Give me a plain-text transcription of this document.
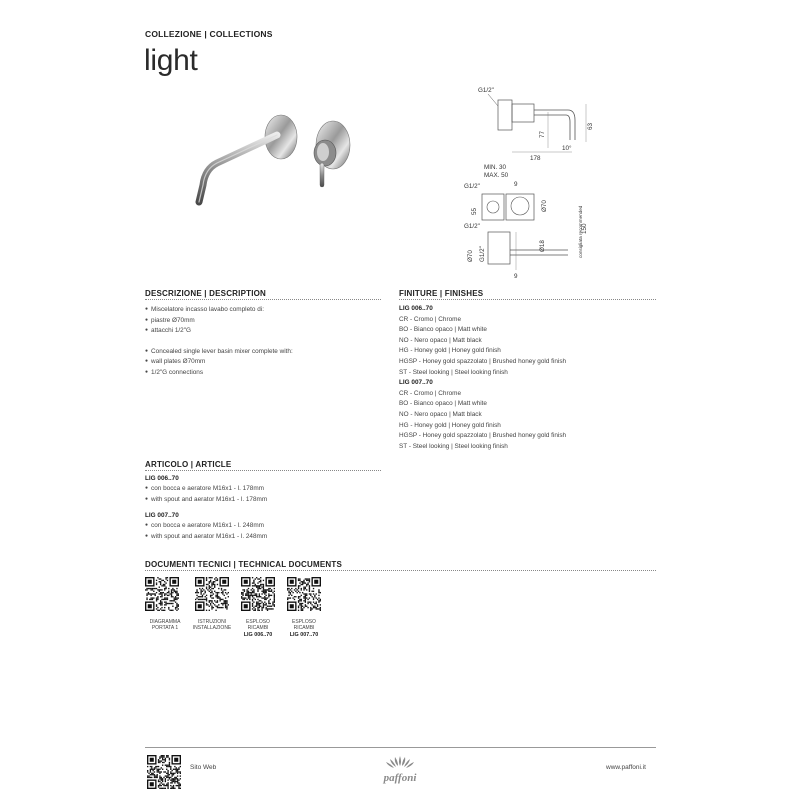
COLLEZIONE | COLLECTIONS
light
G1/2"
77
63
178
10°
MIN. 30
MAX. 50
9
G1/2"
55	Ø70
G1/2"
Ø18	consigliata recommended
150
Ø70 G1/2"
9
DESCRIZIONE | DESCRIPTION
● Miscelatore incasso lavabo completo di:
● piastre Ø70mm
● attacchi 1/2"G
● Concealed single lever basin mixer complete with:
● wall plates Ø70mm
● 1/2"G connections
FINITURE | FINISHES
LIG 006..70
CR - Cromo | Chrome
BO - Bianco opaco | Matt white
NO - Nero opaco | Matt black
HG - Honey gold | Honey gold finish
HGSP - Honey gold spazzolato | Brushed honey gold finish
ST - Steel looking | Steel looking finish
LIG 007..70
CR - Cromo | Chrome
BO - Bianco opaco | Matt white
NO - Nero opaco | Matt black
HG - Honey gold | Honey gold finish
HGSP - Honey gold spazzolato | Brushed honey gold finish
ST - Steel looking | Steel looking finish
ARTICOLO | ARTICLE
LIG 006..70
● con bocca e aeratore M16x1 - l. 178mm
● with spout and aerator M16x1 - l. 178mm
LIG 007..70
● con bocca e aeratore M16x1 - l. 248mm
● with spout and aerator M16x1 - l. 248mm
DOCUMENTI TECNICI | TECHNICAL DOCUMENTS
DIAGRAMMA
PORTATA 1
ISTRUZIONI
INSTALLAZIONE
ESPLOSO
RICAMBI
LIG 006..70
ESPLOSO
RICAMBI
LIG 007..70
Sito Web
paffoni
www.paffoni.it
